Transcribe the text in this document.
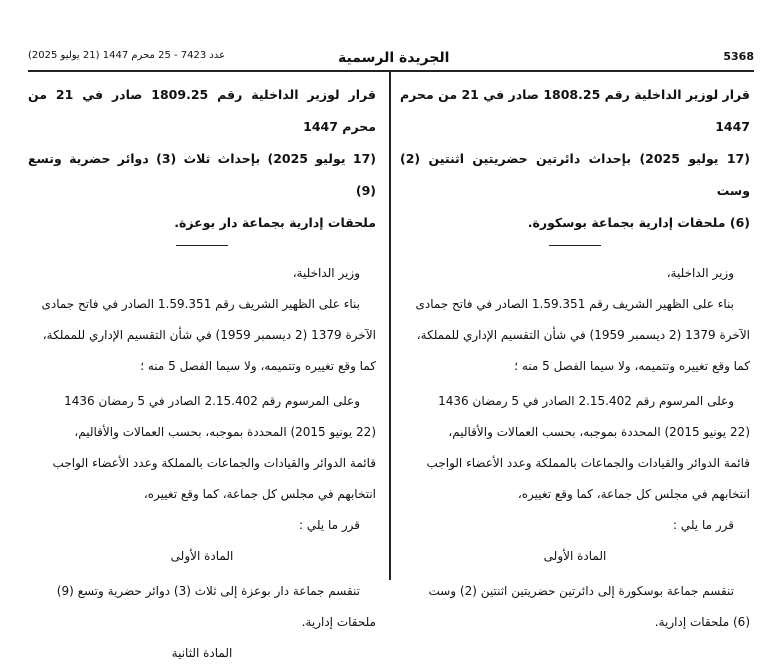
5368
الجريدة الرسمية
عدد 7423 - 25 محرم 1447 (21 يوليو 2025)

قرار لوزير الداخلية رقم 1808.25 صادر في 21 من محرم 1447
(17 يوليو 2025) بإحداث دائرتين حضريتين اثنتين (2) وست
(6) ملحقات إدارية بجماعة بوسكورة.

وزير الداخلية،

بناء على الظهير الشريف رقم 1.59.351 الصادر في فاتح جمادى
الآخرة 1379 (2 ديسمبر 1959) في شأن التقسيم الإداري للمملكة،
كما وقع تغييره وتتميمه، ولا سيما الفصل 5 منه ؛

وعلى المرسوم رقم 2.15.402 الصادر في 5 رمضان 1436
(22 يونيو 2015) المحددة بموجبه، بحسب العمالات والأقاليم،
قائمة الدوائر والقيادات والجماعات بالمملكة وعدد الأعضاء الواجب
انتخابهم في مجلس كل جماعة، كما وقع تغييره،

قرر ما يلي :

المادة الأولى

تنقسم جماعة بوسكورة إلى دائرتين حضريتين اثنتين (2) وست
(6) ملحقات إدارية.

قرار لوزير الداخلية رقم 1809.25 صادر في 21 من محرم 1447
(17 يوليو 2025) بإحداث ثلاث (3) دوائر حضرية وتسع (9)
ملحقات إدارية بجماعة دار بوعزة.

وزير الداخلية،

بناء على الظهير الشريف رقم 1.59.351 الصادر في فاتح جمادى
الآخرة 1379 (2 ديسمبر 1959) في شأن التقسيم الإداري للمملكة،
كما وقع تغييره وتتميمه، ولا سيما الفصل 5 منه ؛

وعلى المرسوم رقم 2.15.402 الصادر في 5 رمضان 1436
(22 يونيو 2015) المحددة بموجبه، بحسب العمالات والأقاليم،
قائمة الدوائر والقيادات والجماعات بالمملكة وعدد الأعضاء الواجب
انتخابهم في مجلس كل جماعة، كما وقع تغييره،

قرر ما يلي :

المادة الأولى

تنقسم جماعة دار بوعزة إلى ثلاث (3) دوائر حضرية وتسع (9)
ملحقات إدارية.

المادة الثانية
